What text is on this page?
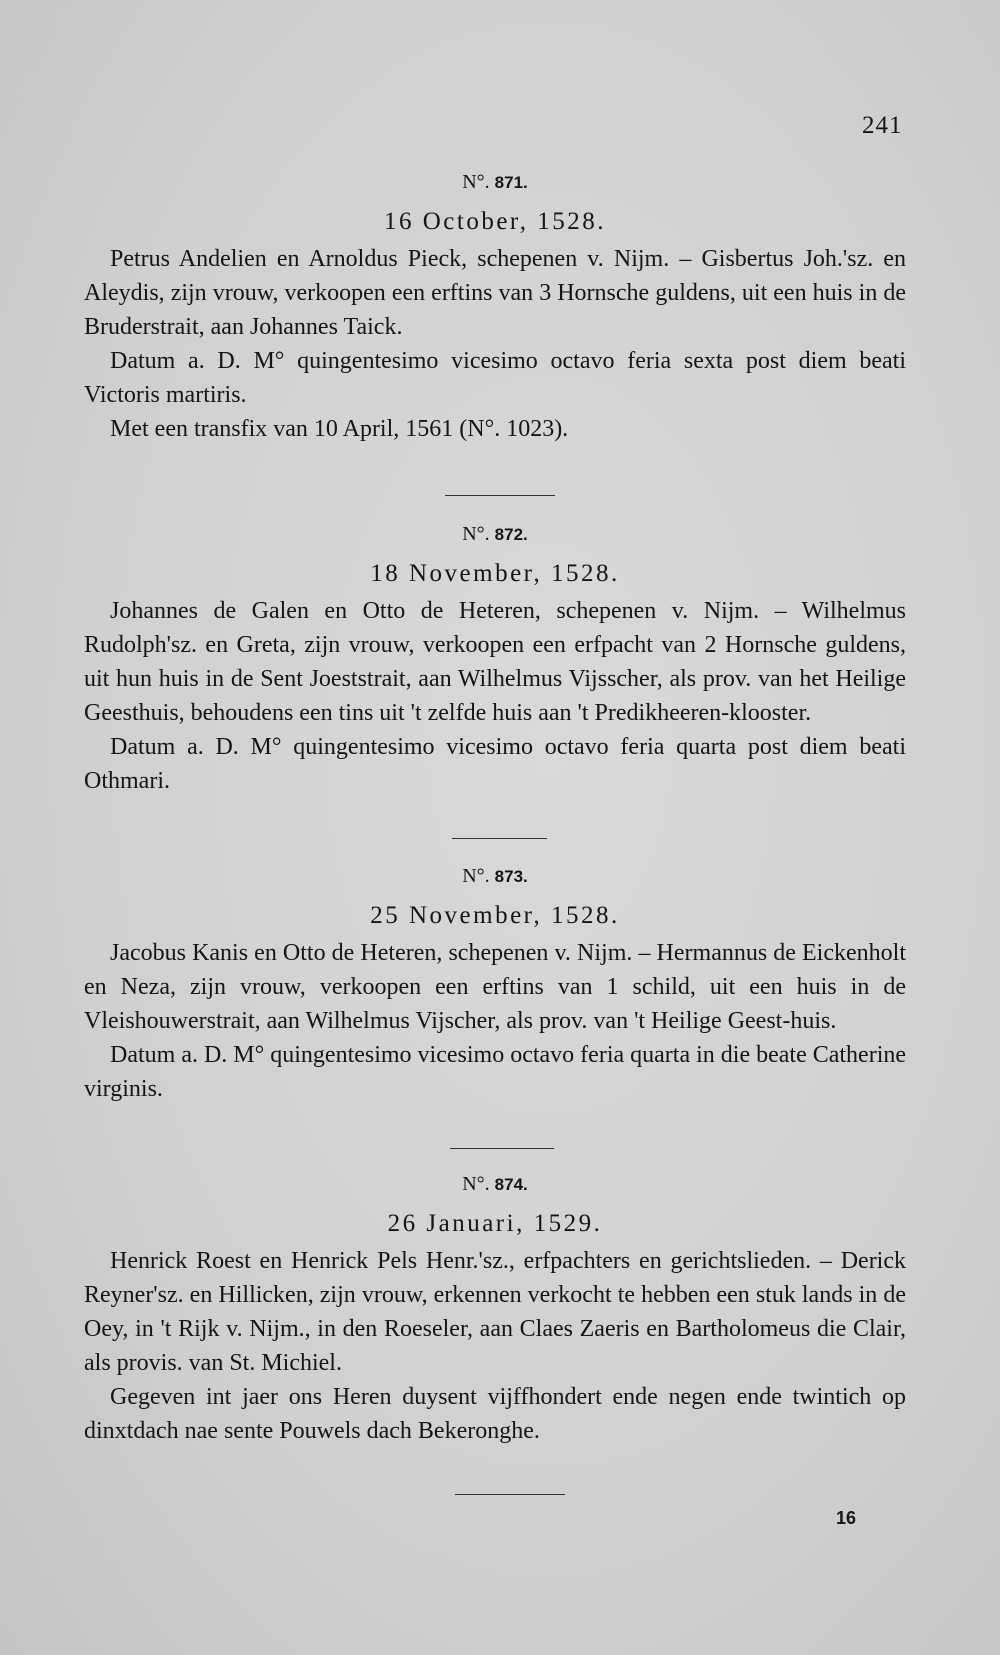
241
N°. 871.
16 October, 1528.

Petrus Andelien en Arnoldus Pieck, schepenen v. Nijm. – Gisbertus Joh.'sz. en Aleydis, zijn vrouw, verkoopen een erftins van 3 Hornsche guldens, uit een huis in de Bruderstrait, aan Johannes Taick.

Datum a. D. M° quingentesimo vicesimo octavo feria sexta post diem beati Victoris martiris.

Met een transfix van 10 April, 1561 (N°. 1023).

N°. 872.
18 November, 1528.

Johannes de Galen en Otto de Heteren, schepenen v. Nijm. – Wilhelmus Rudolph'sz. en Greta, zijn vrouw, verkoopen een erfpacht van 2 Hornsche guldens, uit hun huis in de Sent Joeststrait, aan Wilhelmus Vijsscher, als prov. van het Heilige Geesthuis, behoudens een tins uit 't zelfde huis aan 't Predikheeren-klooster.

Datum a. D. M° quingentesimo vicesimo octavo feria quarta post diem beati Othmari.

N°. 873.
25 November, 1528.

Jacobus Kanis en Otto de Heteren, schepenen v. Nijm. – Hermannus de Eickenholt en Neza, zijn vrouw, verkoopen een erftins van 1 schild, uit een huis in de Vleishouwerstrait, aan Wilhelmus Vijscher, als prov. van 't Heilige Geest-huis.

Datum a. D. M° quingentesimo vicesimo octavo feria quarta in die beate Catherine virginis.

N°. 874.
26 Januari, 1529.

Henrick Roest en Henrick Pels Henr.'sz., erfpachters en gerichtslieden. – Derick Reyner'sz. en Hillicken, zijn vrouw, erkennen verkocht te hebben een stuk lands in de Oey, in 't Rijk v. Nijm., in den Roeseler, aan Claes Zaeris en Bartholomeus die Clair, als provis. van St. Michiel.

Gegeven int jaer ons Heren duysent vijffhondert ende negen ende twintich op dinxtdach nae sente Pouwels dach Bekeronghe.

16
